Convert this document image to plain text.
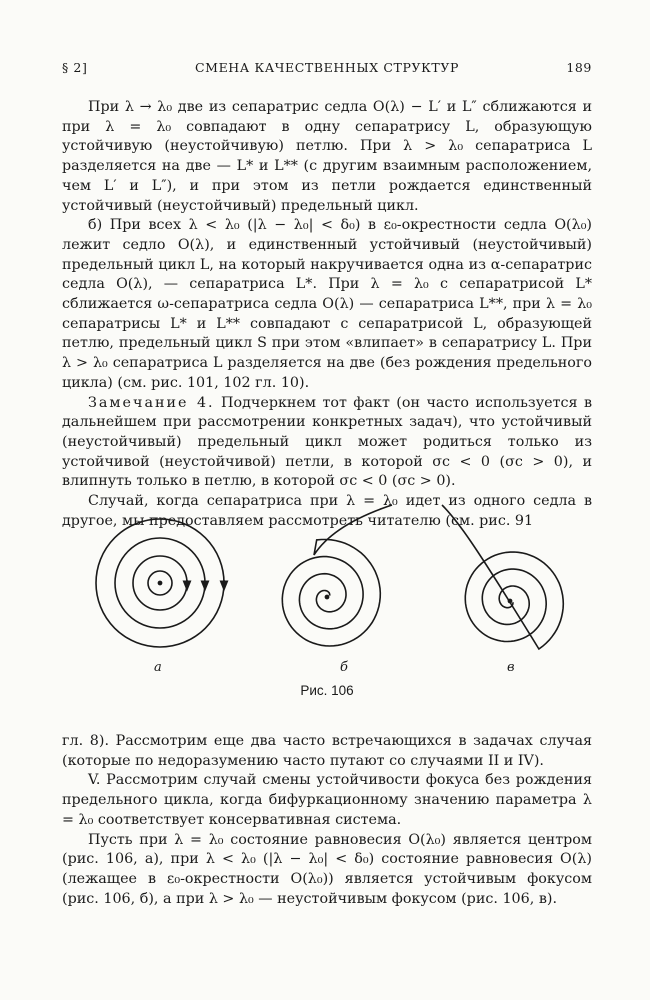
§ 2]	СМЕНА КАЧЕСТВЕННЫХ СТРУКТУР	189

При λ → λ₀ две из сепаратрис седла O(λ) − L′ и L″ сближаются и при λ = λ₀ совпадают в одну сепаратрису L, образующую устойчивую (неустойчивую) петлю. При λ > λ₀ сепаратриса L разделяется на две — L* и L** (с другим взаимным расположением, чем L′ и L″), и при этом из петли рождается единственный устойчивый (неустойчивый) предельный цикл.

б) При всех λ < λ₀ (|λ − λ₀| < δ₀) в ε₀-окрестности седла O(λ₀) лежит седло O(λ), и единственный устойчивый (неустойчивый) предельный цикл L, на который накручивается одна из α-сепаратрис седла O(λ), — сепаратриса L*. При λ = λ₀ с сепаратрисой L* сближается ω-сепаратриса седла O(λ) — сепаратриса L**, при λ = λ₀ сепаратрисы L* и L** совпадают с сепаратрисой L, образующей петлю, предельный цикл S при этом «влипает» в сепаратрису L. При λ > λ₀ сепаратриса L разделяется на две (без рождения предельного цикла) (см. рис. 101, 102 гл. 10).

Замечание 4. Подчеркнем тот факт (он часто используется в дальнейшем при рассмотрении конкретных задач), что устойчивый (неустойчивый) предельный цикл может родиться только из устойчивой (неустойчивой) петли, в которой σc < 0 (σc > 0), и влипнуть только в петлю, в которой σc < 0 (σc > 0).

Случай, когда сепаратриса при λ = λ₀ идет из одного седла в другое, мы предоставляем рассмотреть читателю (см. рис. 91

а	б	в
Рис. 106

гл. 8). Рассмотрим еще два часто встречающихся в задачах случая (которые по недоразумению часто путают со случаями II и IV).

V. Рассмотрим случай смены устойчивости фокуса без рождения предельного цикла, когда бифуркационному значению параметра λ = λ₀ соответствует консервативная система.

Пусть при λ = λ₀ состояние равновесия O(λ₀) является центром (рис. 106, а), при λ < λ₀ (|λ − λ₀| < δ₀) состояние равновесия O(λ) (лежащее в ε₀-окрестности O(λ₀)) является устойчивым фокусом (рис. 106, б), а при λ > λ₀ — неустойчивым фокусом (рис. 106, в).
